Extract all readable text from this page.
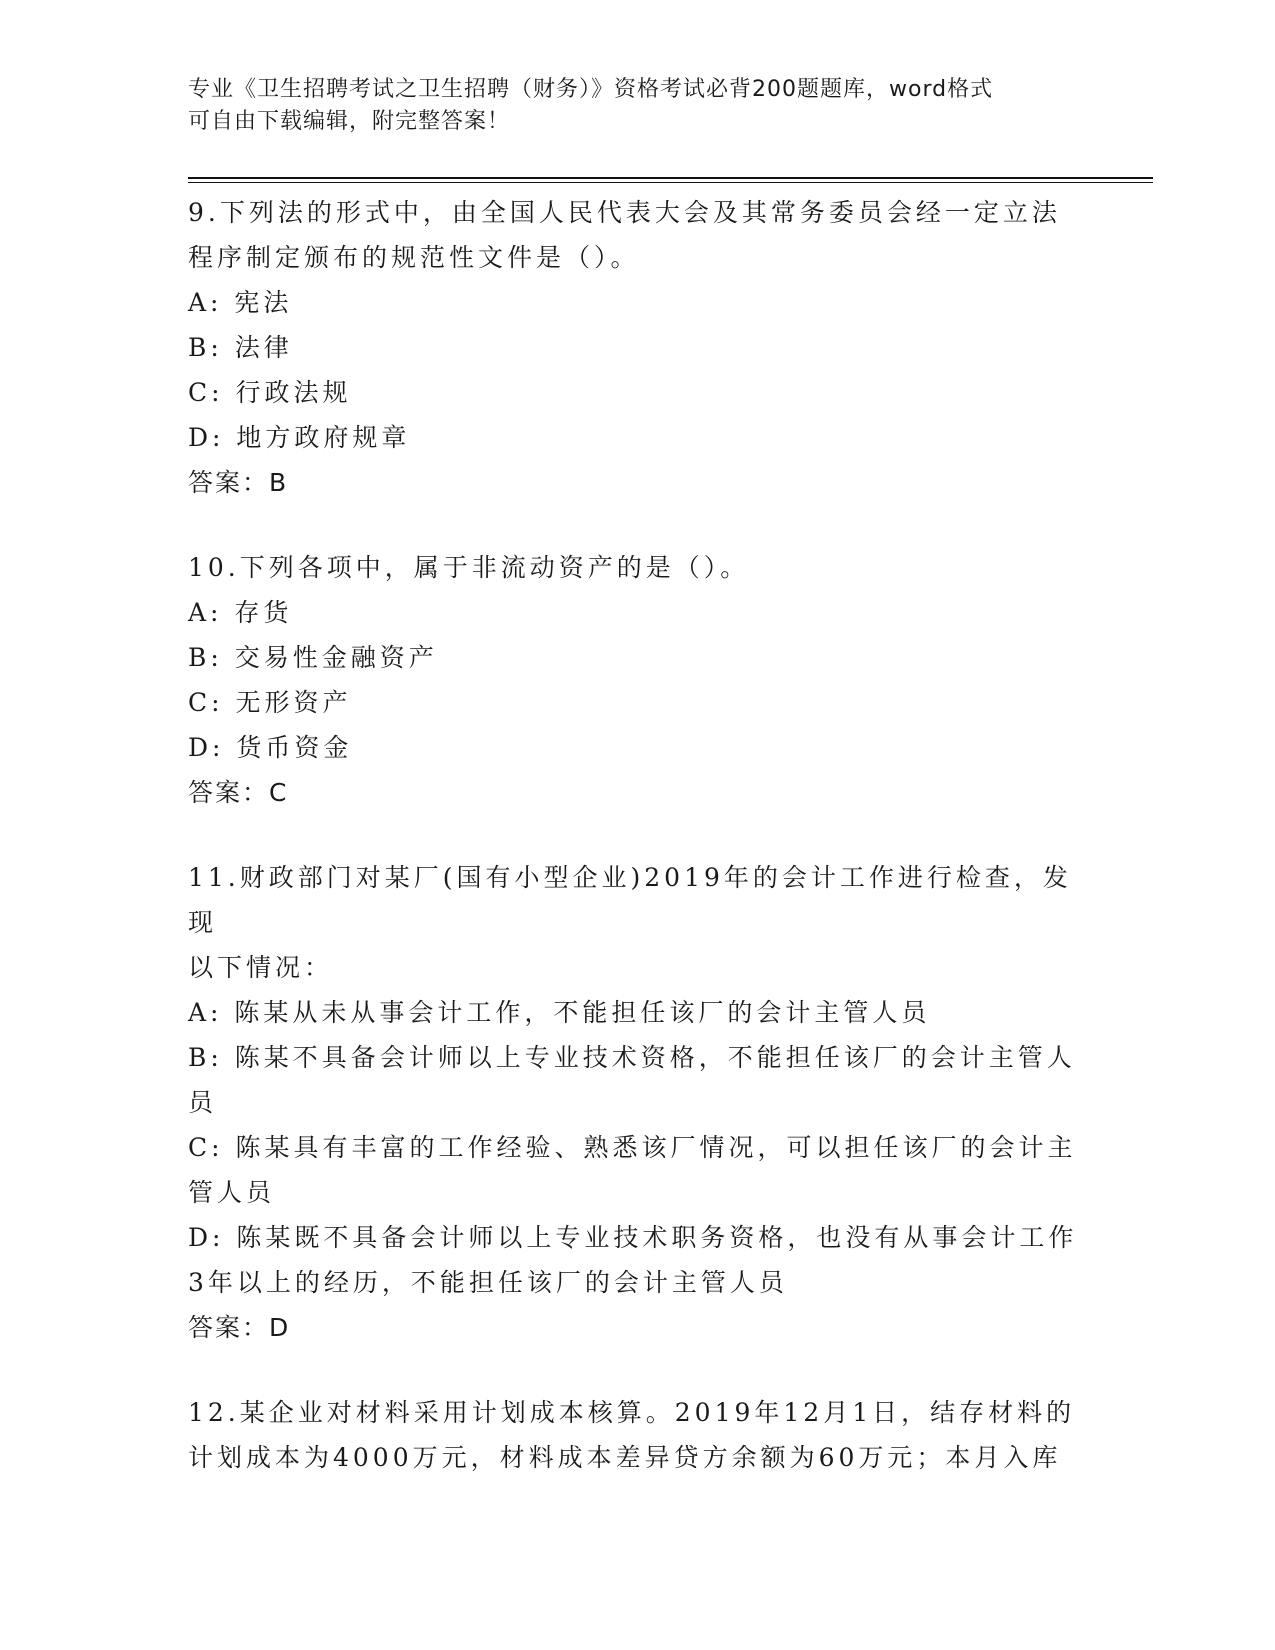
专业《卫生招聘考试之卫生招聘（财务）》资格考试必背200题题库，word格式

可自由下载编辑，附完整答案！

9.下列法的形式中，由全国人民代表大会及其常务委员会经一定立法

程序制定颁布的规范性文件是（）。

A: 宪法

B: 法律

C: 行政法规

D: 地方政府规章

答案：B

10.下列各项中，属于非流动资产的是（）。

A: 存货

B: 交易性金融资产

C: 无形资产

D: 货币资金

答案：C

11.财政部门对某厂(国有小型企业)2019年的会计工作进行检查，发现

以下情况：

A: 陈某从未从事会计工作，不能担任该厂的会计主管人员

B: 陈某不具备会计师以上专业技术资格，不能担任该厂的会计主管人

员

C: 陈某具有丰富的工作经验、熟悉该厂情况，可以担任该厂的会计主

管人员

D: 陈某既不具备会计师以上专业技术职务资格，也没有从事会计工作

3年以上的经历，不能担任该厂的会计主管人员

答案：D

12.某企业对材料采用计划成本核算。2019年12月1日，结存材料的

计划成本为4000万元，材料成本差异贷方余额为60万元；本月入库
